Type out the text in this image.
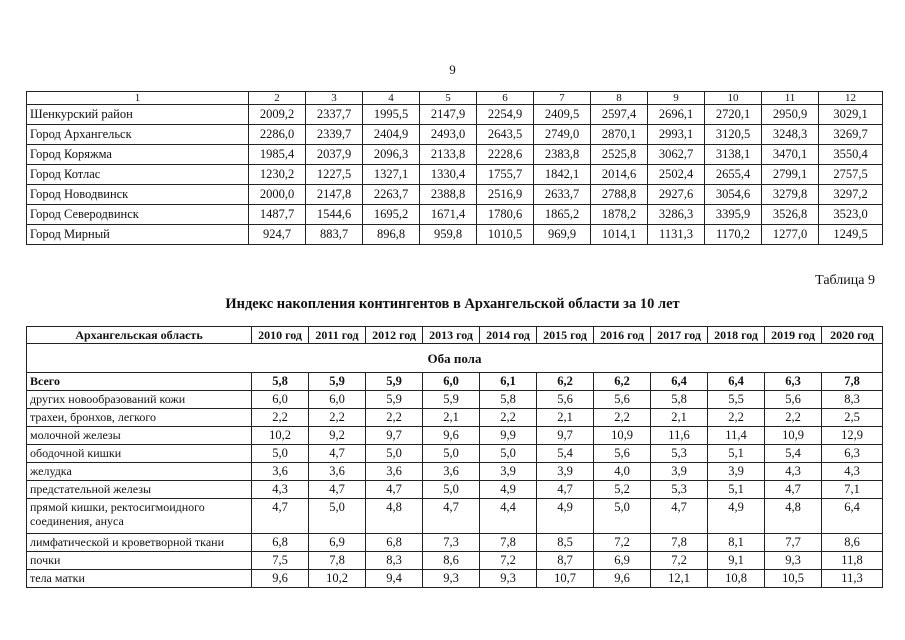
9
1	2	3	4	5	6	7	8	9	10	11	12
Шенкурский район	2009,2	2337,7	1995,5	2147,9	2254,9	2409,5	2597,4	2696,1	2720,1	2950,9	3029,1
Город Архангельск	2286,0	2339,7	2404,9	2493,0	2643,5	2749,0	2870,1	2993,1	3120,5	3248,3	3269,7
Город Коряжма	1985,4	2037,9	2096,3	2133,8	2228,6	2383,8	2525,8	3062,7	3138,1	3470,1	3550,4
Город Котлас	1230,2	1227,5	1327,1	1330,4	1755,7	1842,1	2014,6	2502,4	2655,4	2799,1	2757,5
Город Новодвинск	2000,0	2147,8	2263,7	2388,8	2516,9	2633,7	2788,8	2927,6	3054,6	3279,8	3297,2
Город Северодвинск	1487,7	1544,6	1695,2	1671,4	1780,6	1865,2	1878,2	3286,3	3395,9	3526,8	3523,0
Город Мирный	924,7	883,7	896,8	959,8	1010,5	969,9	1014,1	1131,3	1170,2	1277,0	1249,5
Таблица 9
Индекс накопления контингентов в Архангельской области за 10 лет
Архангельская область	2010 год	2011 год	2012 год	2013 год	2014 год	2015 год	2016 год	2017 год	2018 год	2019 год	2020 год
Оба пола											
Всего	5,8	5,9	5,9	6,0	6,1	6,2	6,2	6,4	6,4	6,3	7,8
других новообразований кожи	6,0	6,0	5,9	5,9	5,8	5,6	5,6	5,8	5,5	5,6	8,3
трахеи, бронхов, легкого	2,2	2,2	2,2	2,1	2,2	2,1	2,2	2,1	2,2	2,2	2,5
молочной железы	10,2	9,2	9,7	9,6	9,9	9,7	10,9	11,6	11,4	10,9	12,9
ободочной кишки	5,0	4,7	5,0	5,0	5,0	5,4	5,6	5,3	5,1	5,4	6,3
желудка	3,6	3,6	3,6	3,6	3,9	3,9	4,0	3,9	3,9	4,3	4,3
предстательной железы	4,3	4,7	4,7	5,0	4,9	4,7	5,2	5,3	5,1	4,7	7,1
прямой кишки, ректосигмоидного соединения, ануса	4,7	5,0	4,8	4,7	4,4	4,9	5,0	4,7	4,9	4,8	6,4
лимфатической и кроветворной ткани	6,8	6,9	6,8	7,3	7,8	8,5	7,2	7,8	8,1	7,7	8,6
почки	7,5	7,8	8,3	8,6	7,2	8,7	6,9	7,2	9,1	9,3	11,8
тела матки	9,6	10,2	9,4	9,3	9,3	10,7	9,6	12,1	10,8	10,5	11,3
